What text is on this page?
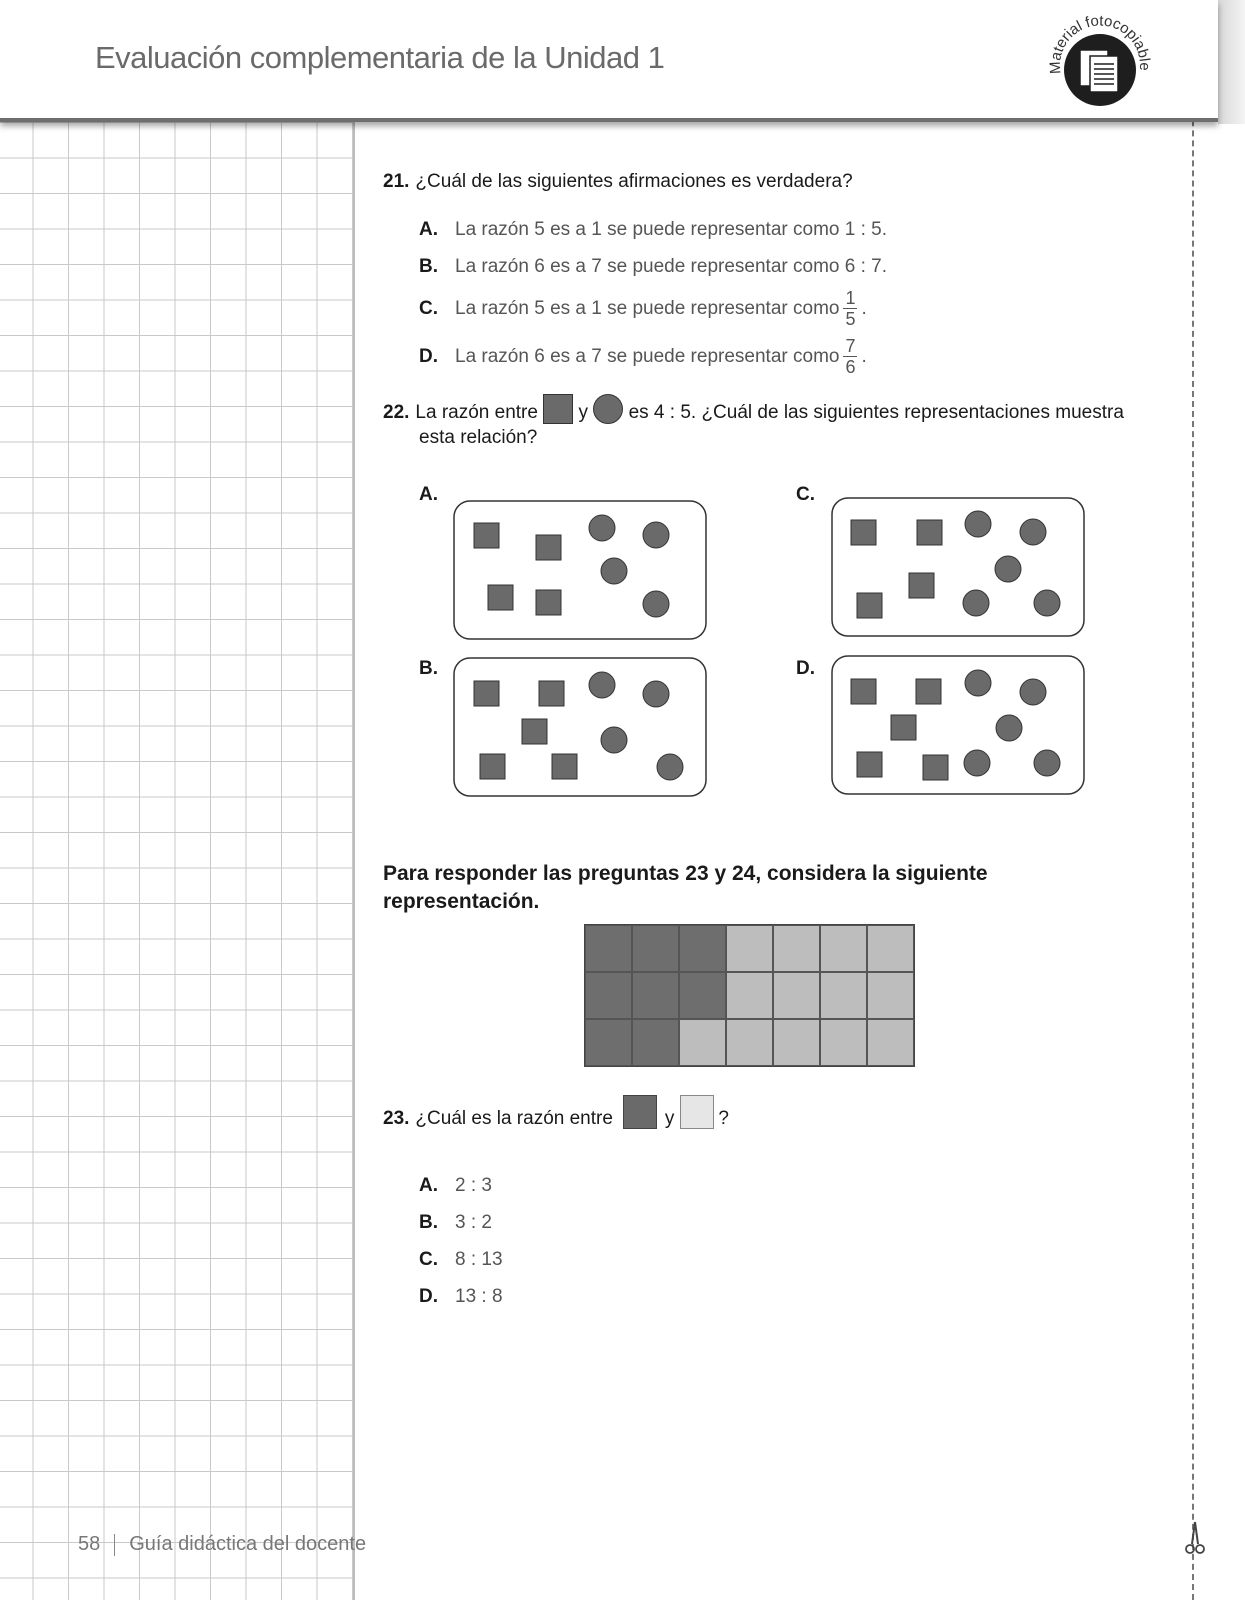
Evaluación complementaria de la Unidad 1	Material fotocopiable
58 Guía didáctica del docente
21. ¿Cuál de las siguientes afirmaciones es verdadera?
A. La razón 5 es a 1 se puede representar como 1 : 5.
B. La razón 6 es a 7 se puede representar como 6 : 7.
C. La razón 5 es a 1 se puede representar como $\frac{1}{5}$ .
D. La razón 6 es a 7 se puede representar como $\frac{7}{6}$ .
22. La razón entre y es 4 : 5. ¿Cuál de las siguientes representaciones muestra
esta relación?
A.	C.
B.	D.
Para responder las preguntas 23 y 24, considera la siguiente representación.
23. ¿Cuál es la razón entre	y ?
A. 2 : 3
B. 3 : 2
C. 8 : 13
D. 13 : 8
